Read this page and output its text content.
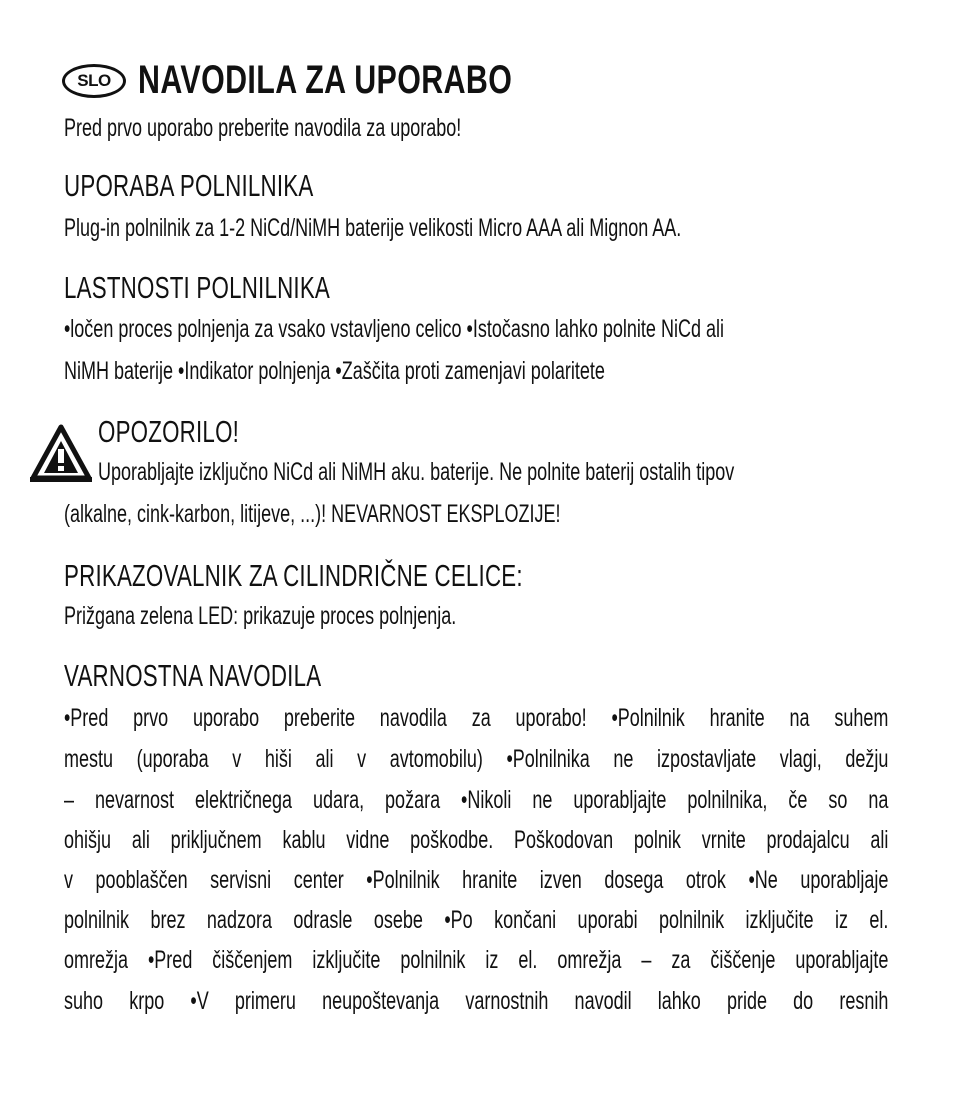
SLO NAVODILA ZA UPORABO
Pred prvo uporabo preberite navodila za uporabo!
UPORABA POLNILNIKA
Plug-in polnilnik za 1-2 NiCd/NiMH baterije velikosti Micro AAA ali Mignon AA.
LASTNOSTI POLNILNIKA
•ločen proces polnjenja za vsako vstavljeno celico •Istočasno lahko polnite NiCd ali
NiMH baterije •Indikator polnjenja •Zaščita proti zamenjavi polaritete
OPOZORILO!
Uporabljajte izključno NiCd ali NiMH aku. baterije. Ne polnite baterij ostalih tipov
(alkalne, cink-karbon, litijeve, ...)! NEVARNOST EKSPLOZIJE!
PRIKAZOVALNIK ZA CILINDRIČNE CELICE:
Prižgana zelena LED: prikazuje proces polnjenja.
VARNOSTNA NAVODILA
•Pred prvo uporabo preberite navodila za uporabo! •Polnilnik hranite na suhem
mestu (uporaba v hiši ali v avtomobilu) •Polnilnika ne izpostavljate vlagi, dežju
– nevarnost električnega udara, požara •Nikoli ne uporabljajte polnilnika, če so na
ohišju ali priključnem kablu vidne poškodbe. Poškodovan polnik vrnite prodajalcu ali
v pooblaščen servisni center •Polnilnik hranite izven dosega otrok •Ne uporabljaje
polnilnik brez nadzora odrasle osebe •Po končani uporabi polnilnik izključite iz el.
omrežja •Pred čiščenjem izključite polnilnik iz el. omrežja – za čiščenje uporabljajte
suho krpo •V primeru neupoštevanja varnostnih navodil lahko pride do resnih
